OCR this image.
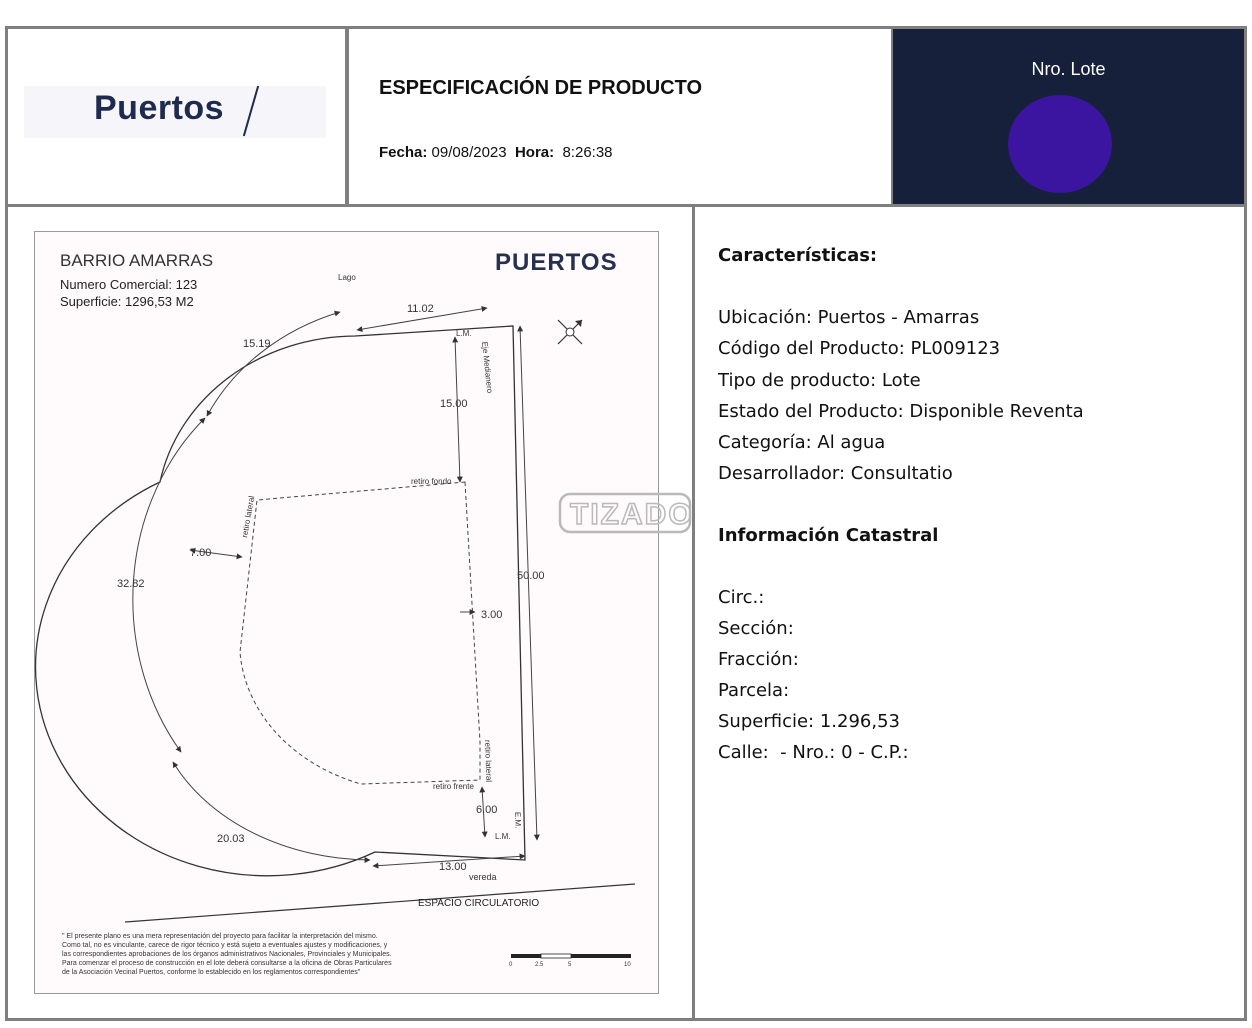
Puertos
ESPECIFICACIÓN DE PRODUCTO
Fecha: 09/08/2023 Hora: 8:26:38
Nro. Lote
BARRIO AMARRAS
Numero Comercial: 123
Superficie: 1296,53 M2
PUERTOS
Lago
11.02
15.19
15.00
32.82
7.00
50.00
3.00
6.00
20.03
13.00
L.M.
Eje Medianero
retiro fondo
retiro lateral
retiro lateral
retiro frente
E.M.
L.M.
vereda
ESPACIO CIRCULATORIO
TIZADO
" El presente plano es una mera representación del proyecto para facilitar la interpretación del mismo.
Como tal, no es vinculante, carece de rigor técnico y está sujeto a eventuales ajustes y modificaciones, y
las correspondientes aprobaciones de los órganos administrativos Nacionales, Provinciales y Municipales.
Para comenzar el proceso de construcción en el lote deberá consultarse a la oficina de Obras Particulares
de la Asociación Vecinal Puertos, conforme lo establecido en los reglamentos correspondientes"
0	2.5	5	10
Características:
Ubicación: Puertos - Amarras
Código del Producto: PL009123
Tipo de producto: Lote
Estado del Producto: Disponible Reventa
Categoría: Al agua
Desarrollador: Consultatio
Información Catastral
Circ.:
Sección:
Fracción:
Parcela:
Superficie: 1.296,53
Calle:  - Nro.: 0 - C.P.:
